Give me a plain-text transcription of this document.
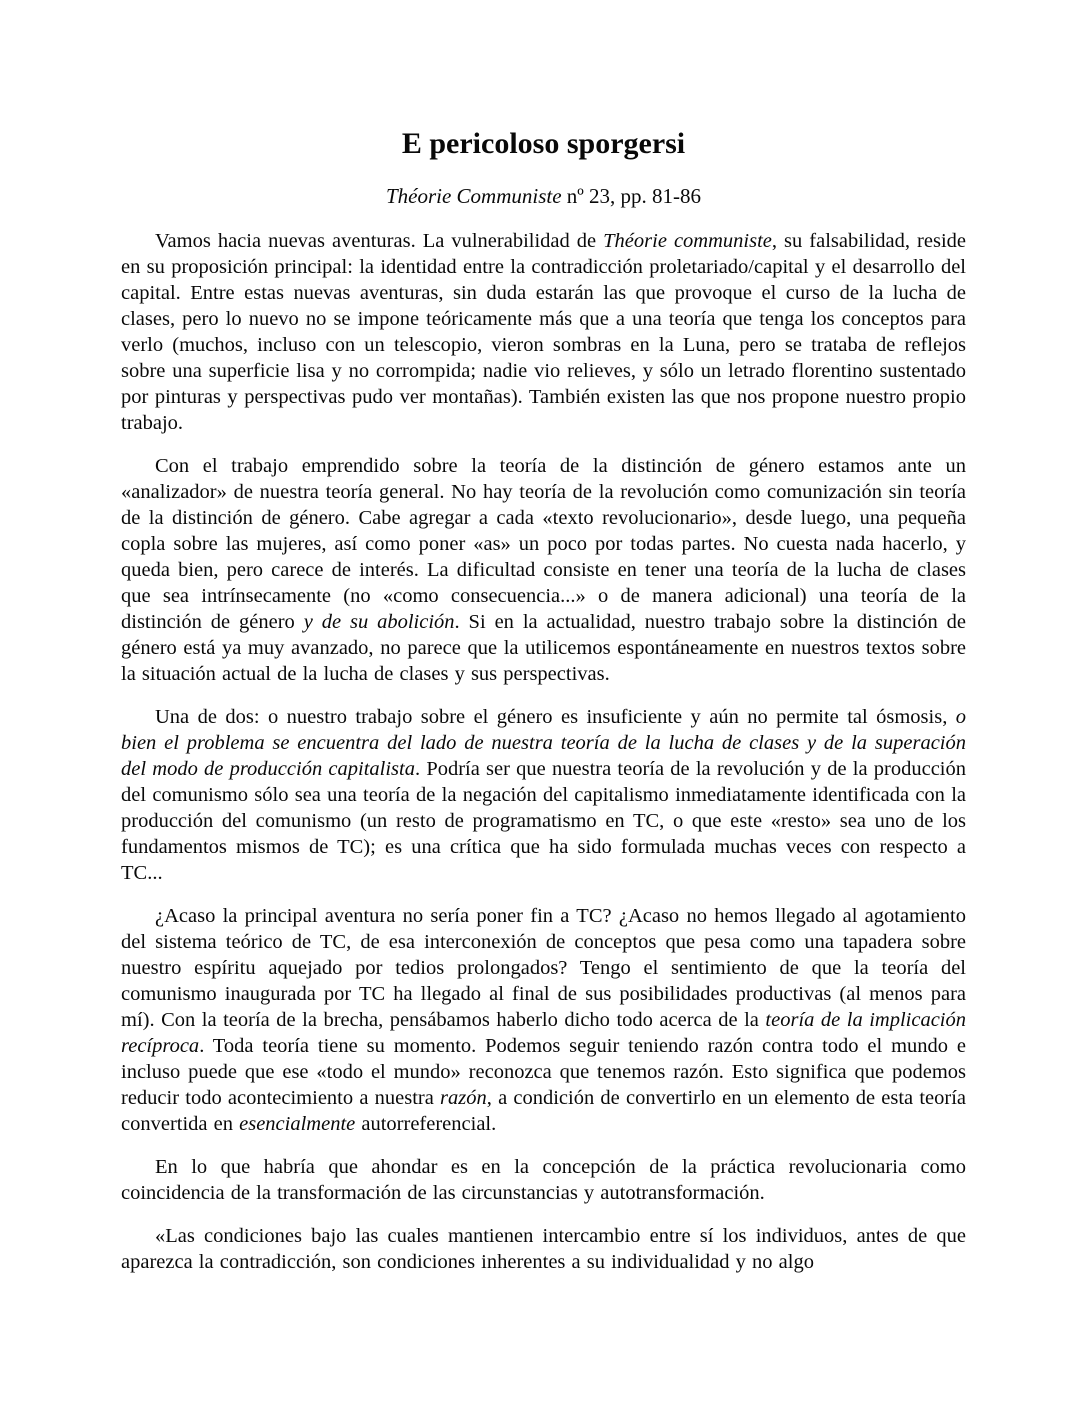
E pericoloso sporgersi

Théorie Communiste nº 23, pp. 81-86

Vamos hacia nuevas aventuras. La vulnerabilidad de Théorie communiste, su falsabilidad, reside en su proposición principal: la identidad entre la contradicción proletariado/capital y el desarrollo del capital. Entre estas nuevas aventuras, sin duda estarán las que provoque el curso de la lucha de clases, pero lo nuevo no se impone teóricamente más que a una teoría que tenga los conceptos para verlo (muchos, incluso con un telescopio, vieron sombras en la Luna, pero se trataba de reflejos sobre una superficie lisa y no corrompida; nadie vio relieves, y sólo un letrado florentino sustentado por pinturas y perspectivas pudo ver montañas). También existen las que nos propone nuestro propio trabajo.

Con el trabajo emprendido sobre la teoría de la distinción de género estamos ante un «analizador» de nuestra teoría general. No hay teoría de la revolución como comunización sin teoría de la distinción de género. Cabe agregar a cada «texto revolucionario», desde luego, una pequeña copla sobre las mujeres, así como poner «as» un poco por todas partes. No cuesta nada hacerlo, y queda bien, pero carece de interés. La dificultad consiste en tener una teoría de la lucha de clases que sea intrínsecamente (no «como consecuencia...» o de manera adicional) una teoría de la distinción de género y de su abolición. Si en la actualidad, nuestro trabajo sobre la distinción de género está ya muy avanzado, no parece que la utilicemos espontáneamente en nuestros textos sobre la situación actual de la lucha de clases y sus perspectivas.

Una de dos: o nuestro trabajo sobre el género es insuficiente y aún no permite tal ósmosis, o bien el problema se encuentra del lado de nuestra teoría de la lucha de clases y de la superación del modo de producción capitalista. Podría ser que nuestra teoría de la revolución y de la producción del comunismo sólo sea una teoría de la negación del capitalismo inmediatamente identificada con la producción del comunismo (un resto de programatismo en TC, o que este «resto» sea uno de los fundamentos mismos de TC); es una crítica que ha sido formulada muchas veces con respecto a TC...

¿Acaso la principal aventura no sería poner fin a TC? ¿Acaso no hemos llegado al agotamiento del sistema teórico de TC, de esa interconexión de conceptos que pesa como una tapadera sobre nuestro espíritu aquejado por tedios prolongados? Tengo el sentimiento de que la teoría del comunismo inaugurada por TC ha llegado al final de sus posibilidades productivas (al menos para mí). Con la teoría de la brecha, pensábamos haberlo dicho todo acerca de la teoría de la implicación recíproca. Toda teoría tiene su momento. Podemos seguir teniendo razón contra todo el mundo e incluso puede que ese «todo el mundo» reconozca que tenemos razón. Esto significa que podemos reducir todo acontecimiento a nuestra razón, a condición de convertirlo en un elemento de esta teoría convertida en esencialmente autorreferencial.

En lo que habría que ahondar es en la concepción de la práctica revolucionaria como coincidencia de la transformación de las circunstancias y autotransformación.

«Las condiciones bajo las cuales mantienen intercambio entre sí los individuos, antes de que aparezca la contradicción, son condiciones inherentes a su individualidad y no algo
